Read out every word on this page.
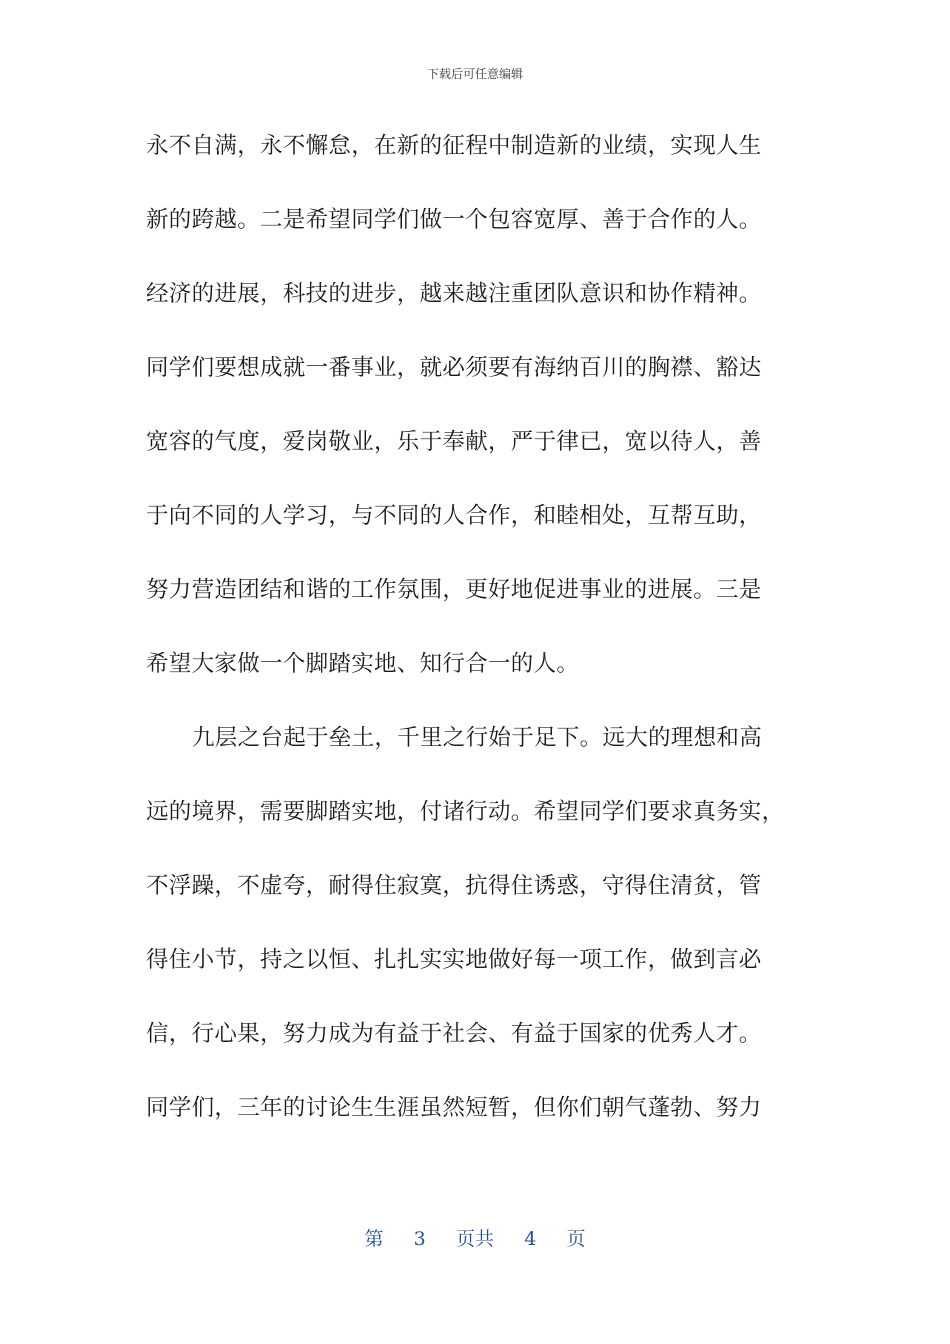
下载后可任意编辑
永不自满，永不懈怠，在新的征程中制造新的业绩，实现人生
新的跨越。二是希望同学们做一个包容宽厚、善于合作的人。
经济的进展，科技的进步，越来越注重团队意识和协作精神。
同学们要想成就一番事业，就必须要有海纳百川的胸襟、豁达
宽容的气度，爱岗敬业，乐于奉献，严于律已，宽以待人，善
于向不同的人学习，与不同的人合作，和睦相处，互帮互助，
努力营造团结和谐的工作氛围，更好地促进事业的进展。三是
希望大家做一个脚踏实地、知行合一的人。
九层之台起于垒土，千里之行始于足下。远大的理想和高
远的境界，需要脚踏实地，付诸行动。希望同学们要求真务实，
不浮躁，不虚夸，耐得住寂寞，抗得住诱惑，守得住清贫，管
得住小节，持之以恒、扎扎实实地做好每一项工作，做到言必
信，行心果，努力成为有益于社会、有益于国家的优秀人才。
同学们，三年的讨论生生涯虽然短暂，但你们朝气蓬勃、努力
第 3 页共 4 页
